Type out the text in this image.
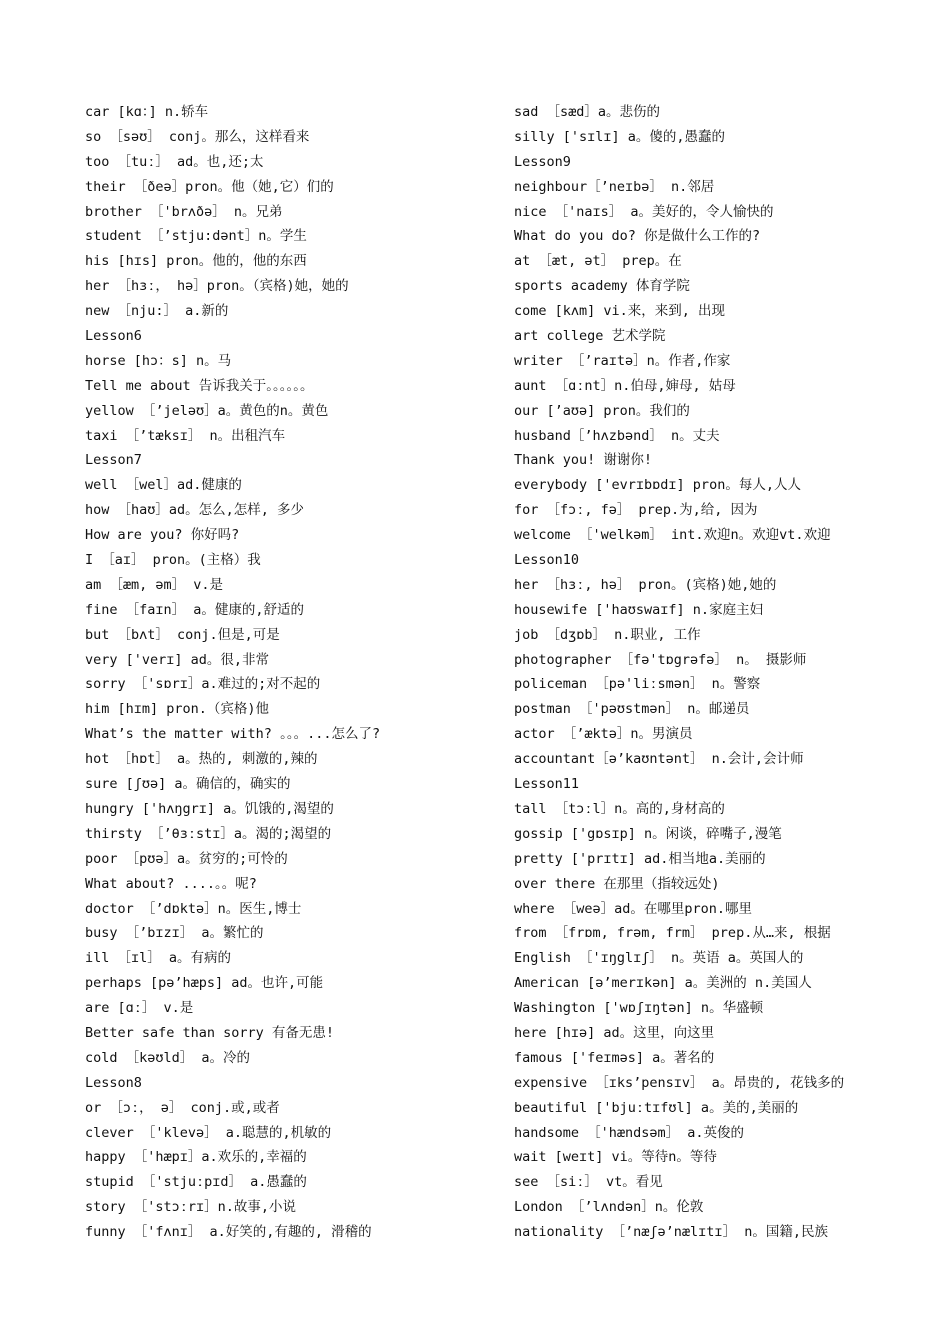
car [kɑ：] n.轿车
so ［səʊ］ conj。那么，这样看来
too ［tuː］ ad。也,还;太
their ［ðeə］pron。他（她,它）们的
brother ［'brʌðə］ n。兄弟
student ［’stju:dənt］n。学生
his [hɪs] pron。他的，他的东西
her ［hɜː， hə］pron。（宾格)她，她的
new ［nju:］ a.新的
Lesson6
horse [hɔ：s] n。马
Tell me about 告诉我关于。。。。。。
yellow ［’jeləʊ］a。黄色的n。黄色
taxi ［’tæksɪ］ n。出租汽车
Lesson7
well ［wel］ad.健康的
how ［haʊ］ad。怎么,怎样, 多少
How are you? 你好吗?
I ［aɪ］ pron。(主格）我
am ［æm, əm］ v.是
fine ［faɪn］ a。健康的,舒适的
but ［bʌt］ conj.但是,可是
very ['verɪ] ad。很,非常
sorry ［'sɒrɪ］a.难过的;对不起的
him [hɪm] pron.（宾格)他
What’s the matter with? 。。。...怎么了?
hot ［hɒt］ a。热的, 刺激的,辣的
sure [ʃʊə] a。确信的，确实的
hungry ['hʌŋgrɪ] a。饥饿的,渴望的
thirsty ［’θɜːstɪ］a。渴的;渴望的
poor ［pʊə］a。贫穷的;可怜的
What about? ....。。呢?
doctor ［’dɒktə］n。医生,博士
busy ［’bɪzɪ］ a。繁忙的
ill ［ɪl］ a。有病的
perhaps [pə’hæps] ad。也许,可能
are [ɑː］ v.是
Better safe than sorry 有备无患!
cold ［kəʊld］ a。冷的
Lesson8
or ［ɔː， ə］ conj.或,或者
clever ［'klevə］ a.聪慧的,机敏的
happy ［'hæpɪ］a.欢乐的,幸福的
stupid ［'stjuːpɪd］ a.愚蠢的
story ［'stɔːrɪ］n.故事,小说
funny ［'fʌnɪ］ a.好笑的,有趣的, 滑稽的
sad ［sæd］a。悲伤的
silly ['sɪlɪ] a。傻的,愚蠢的
Lesson9
neighbour［’neɪbə］ n.邻居
nice ［'naɪs］ a。美好的，令人愉快的
What do you do? 你是做什么工作的?
at ［æt, ət］ prep。在
sports academy 体育学院
come [kʌm] vi.来，来到, 出现
art college 艺术学院
writer ［’raɪtə］n。作者,作家
aunt ［ɑːnt］n.伯母,婶母, 姑母
our [’aʊə] pron。我们的
husband［’hʌzbənd］ n。丈夫
Thank you! 谢谢你!
everybody ['evrɪbɒdɪ] pron。每人,人人
for ［fɔː, fə］ prep.为,给, 因为
welcome ［'welkəm］ int.欢迎n。欢迎vt.欢迎
Lesson10
her ［hɜː, hə］ pron。(宾格)她,她的
housewife ['haʊswaɪf] n.家庭主妇
job ［dʒɒb］ n.职业, 工作
photographer ［fə'tɒgrəfə］ n。 摄影师
policeman ［pə'liːsmən］ n。警察
postman ［'pəʊstmən］ n。邮递员
actor ［’æktə］n。男演员
accountant［ə’kaʊntənt］ n.会计,会计师
Lesson11
tall ［tɔːl］n。高的,身材高的
gossip ['gɒsɪp] n。闲谈，碎嘴子,漫笔
pretty ['prɪtɪ] ad.相当地a.美丽的
over there 在那里（指较远处)
where ［weə］ad。在哪里pron.哪里
from ［frɒm, frəm, frm］ prep.从…来, 根据
English ［'ɪŋglɪʃ］ n。英语 a。英国人的
American [ə’merɪkən] a。美洲的 n.美国人
Washington ['wɒʃɪŋtən] n。华盛顿
here [hɪə] ad。这里，向这里
famous ['feɪməs] a。著名的
expensive ［ɪks’pensɪv］ a。昂贵的, 花钱多的
beautiful ['bjuːtɪfʊl] a。美的,美丽的
handsome ［'hændsəm］ a.英俊的
wait [weɪt] vi。等待n。等待
see ［siː］ vt。看见
London ［’lʌndən］n。伦敦
nationality ［’næʃə’nælɪtɪ］ n。国籍,民族
